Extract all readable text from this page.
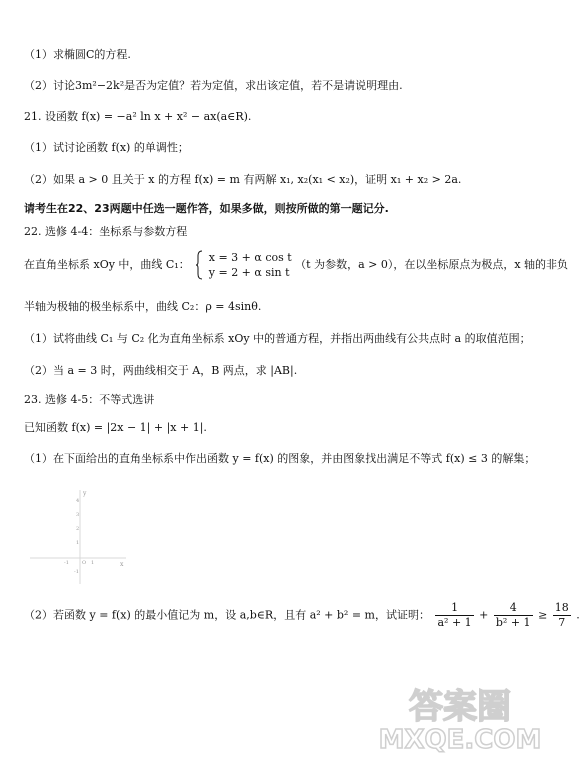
（1）求椭圆C的方程.
（2）讨论3m²−2k²是否为定值？若为定值，求出该定值，若不是请说明理由.
21. 设函数 f(x) = −a² ln x + x² − ax(a∈R).
（1）试讨论函数 f(x) 的单调性；
（2）如果 a > 0 且关于 x 的方程 f(x) = m 有两解 x₁, x₂(x₁ < x₂)，证明 x₁ + x₂ > 2a.
请考生在22、23两题中任选一题作答，如果多做，则按所做的第一题记分.
22. 选修 4-4：坐标系与参数方程
在直角坐标系 xOy 中，曲线 C₁：
x = 3 + α cos t
y = 2 + α sin t
（t 为参数，a > 0），在以坐标原点为极点，x 轴的非负
半轴为极轴的极坐标系中，曲线 C₂：ρ = 4sinθ.
（1）试将曲线 C₁ 与 C₂ 化为直角坐标系 xOy 中的普通方程，并指出两曲线有公共点时 a 的取值范围；
（2）当 a = 3 时，两曲线相交于 A，B 两点，求 |AB|.
23. 选修 4-5：不等式选讲
已知函数 f(x) = |2x − 1| + |x + 1|.
（1）在下面给出的直角坐标系中作出函数 y = f(x) 的图象，并由图象找出满足不等式 f(x) ≤ 3 的解集；
y
x
4
3
2
1
-1
-1	O 1
（2）若函数 y = f(x) 的最小值记为 m，设 a,b∈R，且有 a² + b² = m，试证明： $\frac{1}{\text{a² + 1}} + \frac{4}{\text{b² + 1}} \ge \frac{18}{7}$ .
答案圈
MXQE.COM
